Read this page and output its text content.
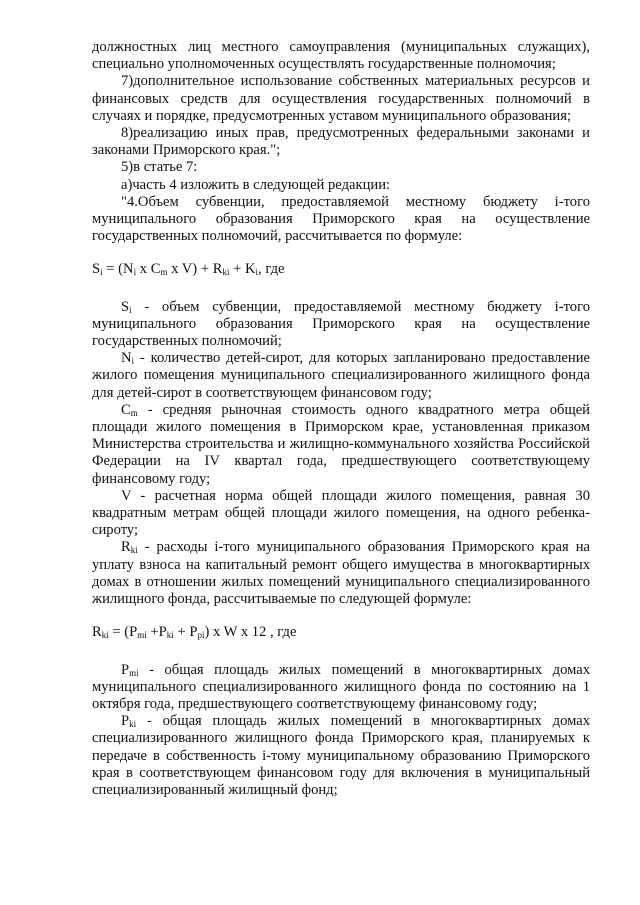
должностных лиц местного самоуправления (муниципальных служащих), специально уполномоченных осуществлять государственные полномочия;

7)дополнительное использование собственных материальных ресурсов и финансовых средств для осуществления государственных полномочий в случаях и порядке, предусмотренных уставом муниципального образования;

8)реализацию иных прав, предусмотренных федеральными законами и законами Приморского края.";

5)в статье 7:

а)часть 4 изложить в следующей редакции:

"4.Объем субвенции, предоставляемой местному бюджету i-того муниципального образования Приморского края на осуществление государственных полномочий, рассчитывается по формуле:

$S_i = (N_i$ x $C_m$ x $V) + R_{ki} + K_i$, где

$S_i$ - объем субвенции, предоставляемой местному бюджету i-того муниципального образования Приморского края на осуществление государственных полномочий;

$N_i$ - количество детей-сирот, для которых запланировано предоставление жилого помещения муниципального специализированного жилищного фонда для детей-сирот в соответствующем финансовом году;

$C_m$ - средняя рыночная стоимость одного квадратного метра общей площади жилого помещения в Приморском крае, установленная приказом Министерства строительства и жилищно-коммунального хозяйства Российской Федерации на IV квартал года, предшествующего соответствующему финансовому году;

V - расчетная норма общей площади жилого помещения, равная 30 квадратным метрам общей площади жилого помещения, на одного ребенка-сироту;

$R_{ki}$ - расходы i-того муниципального образования Приморского края на уплату взноса на капитальный ремонт общего имущества в многоквартирных домах в отношении жилых помещений муниципального специализированного жилищного фонда, рассчитываемые по следующей формуле:

$R_{ki} = (P_{mi} +P_{ki} + P_{pi})$ x W x 12 , где

$P_{mi}$ - общая площадь жилых помещений в многоквартирных домах муниципального специализированного жилищного фонда по состоянию на 1 октября года, предшествующего соответствующему финансовому году;

$P_{ki}$ - общая площадь жилых помещений в многоквартирных домах специализированного жилищного фонда Приморского края, планируемых к передаче в собственность i-тому муниципальному образованию Приморского края в соответствующем финансовом году для включения в муниципальный специализированный жилищный фонд;
